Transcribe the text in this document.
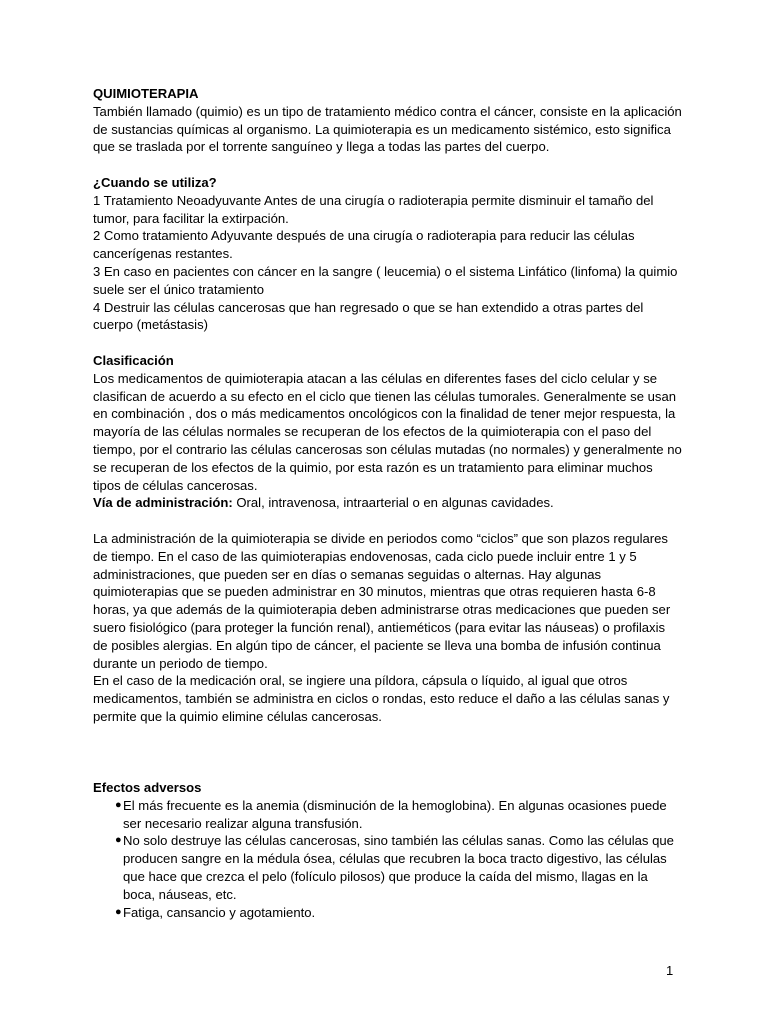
QUIMIOTERAPIA

También llamado (quimio) es un tipo de tratamiento médico contra el cáncer, consiste en la aplicación de sustancias químicas al organismo. La quimioterapia es un medicamento sistémico, esto significa que se traslada por el torrente sanguíneo y llega a todas las partes del cuerpo.

¿Cuando se utiliza?

1 Tratamiento Neoadyuvante Antes de una cirugía o radioterapia permite disminuir el tamaño del tumor, para facilitar la extirpación.

2 Como tratamiento Adyuvante después de una cirugía o radioterapia para reducir las células cancerígenas restantes.

3 En caso en pacientes con cáncer en la sangre ( leucemia) o el sistema Linfático (linfoma) la quimio suele ser el único tratamiento

4 Destruir las células cancerosas que han regresado o que se han extendido a otras partes del cuerpo (metástasis)

Clasificación

Los medicamentos de quimioterapia atacan a las células en diferentes fases del ciclo celular y se clasifican de acuerdo a su efecto en el ciclo que tienen las células tumorales. Generalmente se usan en combinación , dos o más medicamentos oncológicos con la finalidad de tener mejor respuesta, la mayoría de las células normales se recuperan de los efectos de la quimioterapia con el paso del tiempo, por el contrario las células cancerosas son células mutadas (no normales) y generalmente no se recuperan de los efectos de la quimio, por esta razón es un tratamiento para eliminar muchos tipos de células cancerosas.

Vía de administración: Oral, intravenosa, intraarterial o en algunas cavidades.

La administración de la quimioterapia se divide en periodos como “ciclos” que son plazos regulares de tiempo. En el caso de las quimioterapias endovenosas, cada ciclo puede incluir entre 1 y 5 administraciones, que pueden ser en días o semanas seguidas o alternas. Hay algunas quimioterapias que se pueden administrar en 30 minutos, mientras que otras requieren hasta 6-8 horas, ya que además de la quimioterapia deben administrarse otras medicaciones que pueden ser suero fisiológico (para proteger la función renal), antieméticos (para evitar las náuseas) o profilaxis de posibles alergias. En algún tipo de cáncer, el paciente se lleva una bomba de infusión continua durante un periodo de tiempo.

En el caso de la medicación oral, se ingiere una píldora, cápsula o líquido, al igual que otros medicamentos, también se administra en ciclos o rondas, esto reduce el daño a las células sanas y permite que la quimio elimine células cancerosas.

Efectos adversos

● El más frecuente es la anemia (disminución de la hemoglobina). En algunas ocasiones puede ser necesario realizar alguna transfusión.
● No solo destruye las células cancerosas, sino también las células sanas. Como las células que producen sangre en la médula ósea, células que recubren la boca tracto digestivo, las células que hace que crezca el pelo (folículo pilosos) que produce la caída del mismo, llagas en la boca, náuseas, etc.
● Fatiga, cansancio y agotamiento.
1
